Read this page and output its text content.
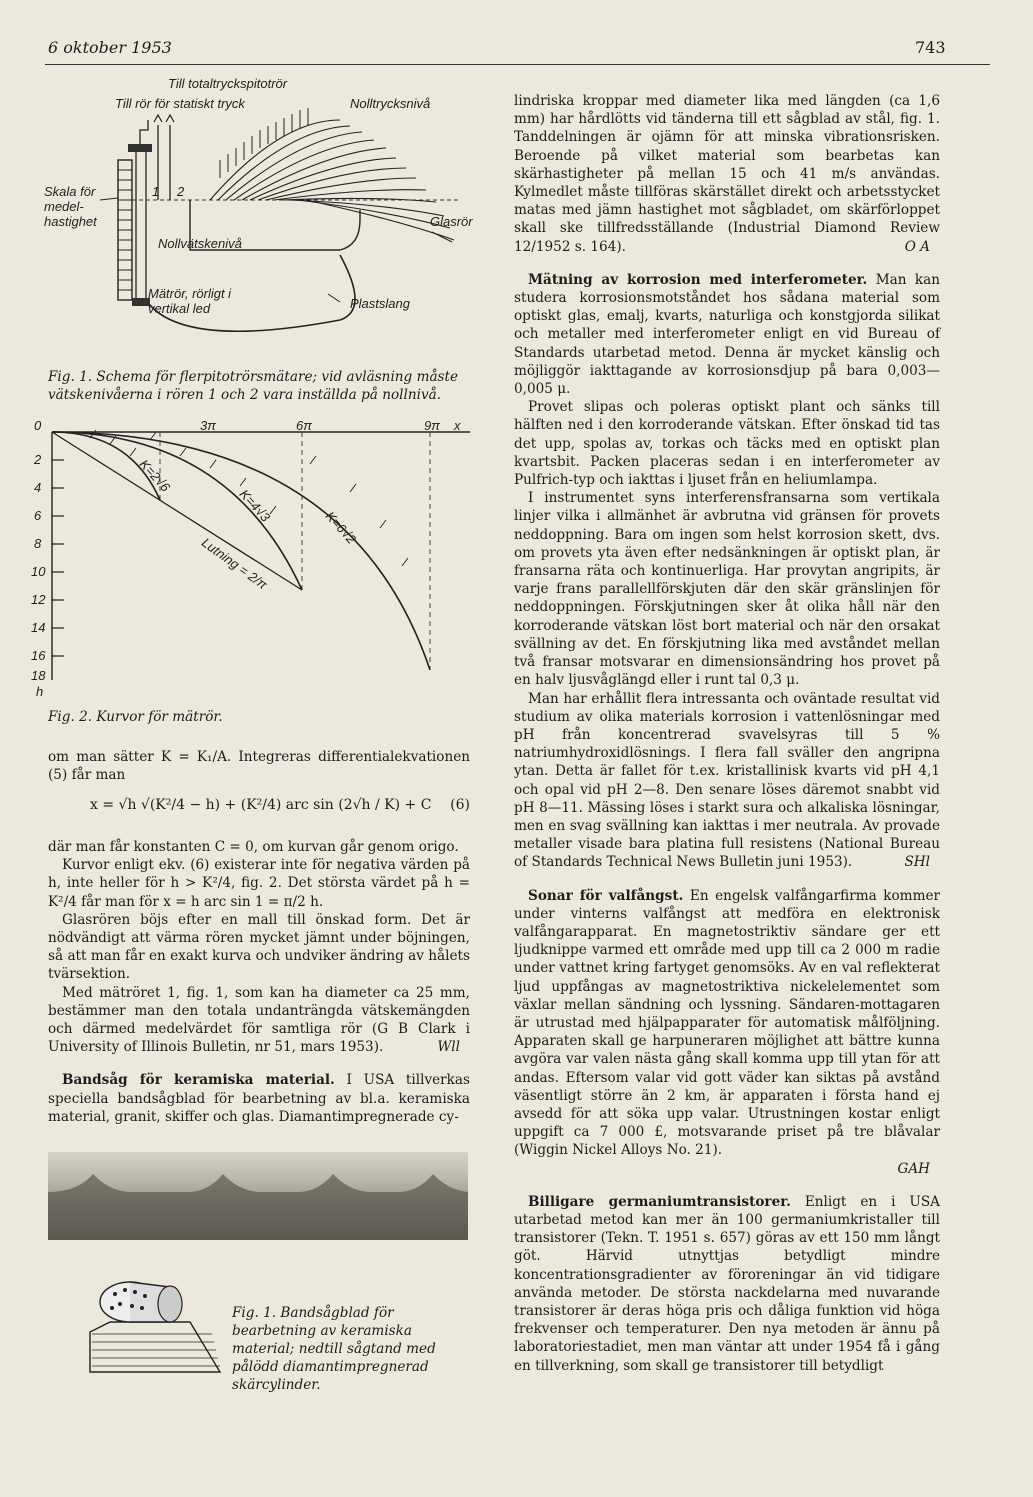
6 oktober 1953	743
Till totaltryckspitotrör
Till rör för statiskt tryck	Nolltrycksnivå
Skala för medel-hastighet
1 2
Nollvätskenivå
Glasrör
Mätrör, rörligt i vertikal led	Plastslang
Fig. 1. Schema för flerpitotrörsmätare; vid avläsning måste vätskenivåerna i rören 1 och 2 vara inställda på nollnivå.
0	3π	6π	9π x
2
4
6
8
10
12
14
16
18
h
K=2√6
K=4√3
K=6√2
Lutning = 2/π
Fig. 2. Kurvor för mätrör.

om man sätter K = K₁/A. Integreras differentialekvationen (5) får man

x = √h √(K²/4 − h) + (K²/4) arc sin (2√h / K) + C (6)

där man får konstanten C = 0, om kurvan går genom origo.

Kurvor enligt ekv. (6) existerar inte för negativa värden på h, inte heller för h > K²/4, fig. 2. Det största värdet på h = K²/4 får man för x = h arc sin 1 = π/2 h.

Glasrören böjs efter en mall till önskad form. Det är nödvändigt att värma rören mycket jämnt under böjningen, så att man får en exakt kurva och undviker ändring av hålets tvärsektion.

Med mätröret 1, fig. 1, som kan ha diameter ca 25 mm, bestämmer man den totala undanträngda vätskemängden och därmed medelvärdet för samtliga rör (G B Clark i University of Illinois Bulletin, nr 51, mars 1953).	Wll

Bandsåg för keramiska material. I USA tillverkas speciella bandsågblad för bearbetning av bl.a. keramiska material, granit, skiffer och glas. Diamantimpregnerade cy-

Fig. 1. Bandsågblad för bearbetning av keramiska material; nedtill sågtand med pålödd diamantimpregnerad skärcylinder.

lindriska kroppar med diameter lika med längden (ca 1,6 mm) har hårdlötts vid tänderna till ett sågblad av stål, fig. 1. Tanddelningen är ojämn för att minska vibrationsrisken. Beroende på vilket material som bearbetas kan skärhastigheter på mellan 15 och 41 m/s användas. Kylmedlet måste tillföras skärstället direkt och arbetsstycket matas med jämn hastighet mot sågbladet, om skärförloppet skall ske tillfredsställande (Industrial Diamond Review 12/1952 s. 164).	O A

Mätning av korrosion med interferometer. Man kan studera korrosionsmotståndet hos sådana material som optiskt glas, emalj, kvarts, naturliga och konstgjorda silikat och metaller med interferometer enligt en vid Bureau of Standards utarbetad metod. Denna är mycket känslig och möjliggör iakttagande av korrosionsdjup på bara 0,003—0,005 μ.

Provet slipas och poleras optiskt plant och sänks till hälften ned i den korroderande vätskan. Efter önskad tid tas det upp, spolas av, torkas och täcks med en optiskt plan kvartsbit. Packen placeras sedan i en interferometer av Pulfrich-typ och iakttas i ljuset från en heliumlampa.

I instrumentet syns interferensfransarna som vertikala linjer vilka i allmänhet är avbrutna vid gränsen för provets neddoppning. Bara om ingen som helst korrosion skett, dvs. om provets yta även efter nedsänkningen är optiskt plan, är fransarna räta och kontinuerliga. Har provytan angripits, är varje frans parallellförskjuten där den skär gränslinjen för neddoppningen. Förskjutningen sker åt olika håll när den korroderande vätskan löst bort material och när den orsakat svällning av det. En förskjutning lika med avståndet mellan två fransar motsvarar en dimensionsändring hos provet på en halv ljusvåglängd eller i runt tal 0,3 μ.

Man har erhållit flera intressanta och oväntade resultat vid studium av olika materials korrosion i vattenlösningar med pH från koncentrerad svavelsyras till 5 % natriumhydroxidlösnings. I flera fall sväller den angripna ytan. Detta är fallet för t.ex. kristallinisk kvarts vid pH 4,1 och opal vid pH 2—8. Den senare löses däremot snabbt vid pH 8—11. Mässing löses i starkt sura och alkaliska lösningar, men en svag svällning kan iakttas i mer neutrala. Av provade metaller visade bara platina full resistens (National Bureau of Standards Technical News Bulletin juni 1953).	SHl

Sonar för valfångst. En engelsk valfångarfirma kommer under vinterns valfångst att medföra en elektronisk valfångarapparat. En magnetostriktiv sändare ger ett ljudknippe varmed ett område med upp till ca 2 000 m radie under vattnet kring fartyget genomsöks. Av en val reflekterat ljud uppfångas av magnetostriktiva nickelelementet som växlar mellan sändning och lyssning. Sändaren-mottagaren är utrustad med hjälpapparater för automatisk målföljning. Apparaten skall ge harpuneraren möjlighet att bättre kunna avgöra var valen nästa gång skall komma upp till ytan för att andas. Eftersom valar vid gott väder kan siktas på avstånd väsentligt större än 2 km, är apparaten i första hand ej avsedd för att söka upp valar. Utrustningen kostar enligt uppgift ca 7 000 £, motsvarande priset på tre blåvalar (Wiggin Nickel Alloys No. 21).

GAH

Billigare germaniumtransistorer. Enligt en i USA utarbetad metod kan mer än 100 germaniumkristaller till transistorer (Tekn. T. 1951 s. 657) göras av ett 150 mm långt göt. Härvid utnyttjas betydligt mindre koncentrationsgradienter av föroreningar än vid tidigare använda metoder. De största nackdelarna med nuvarande transistorer är deras höga pris och dåliga funktion vid höga frekvenser och temperaturer. Den nya metoden är ännu på laboratoriestadiet, men man väntar att under 1954 få i gång en tillverkning, som skall ge transistorer till betydligt
